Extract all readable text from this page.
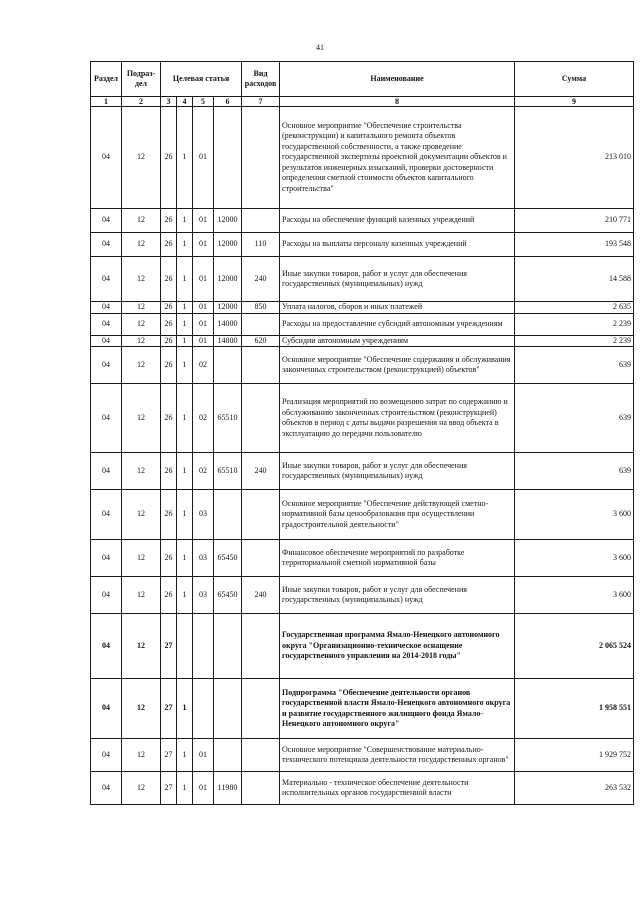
41
Раздел	Подраз-дел	Целевая статья				Вид расходов	Наименование	Сумма
1	2	3	4	5	6	7	8	9
04	12	26	1	01			Основное мероприятие "Обеспечение строительства (реконструкции) и капитального ремонта объектов государственной собственности, а также проведение государственной экспертизы проектной документации объектов и результатов инженерных изысканий, проверки достоверности определения сметной стоимости объектов капитального строительства"	213 010
04	12	26	1	01	12000		Расходы на обеспечение функций казенных учреждений	210 771
04	12	26	1	01	12000	110	Расходы на выплаты персоналу казенных учреждений	193 548
04	12	26	1	01	12000	240	Иные закупки товаров, работ и услуг для обеспечения государственных (муниципальных) нужд	14 588
04	12	26	1	01	12000	850	Уплата налогов, сборов и иных платежей	2 635
04	12	26	1	01	14000		Расходы на предоставление субсидий автономным учреждениям	2 239
04	12	26	1	01	14000	620	Субсидии автономным учреждениям	2 239
04	12	26	1	02			Основное мероприятие "Обеспечение содержания и обслуживания законченных строительством (реконструкцией) объектов"	639
04	12	26	1	02	65510		Реализация мероприятий по возмещению затрат по содержанию и обслуживанию законченных строительством (реконструкцией) объектов в период с даты выдачи разрешения на ввод объекта в эксплуатацию до передачи пользователю	639
04	12	26	1	02	65510	240	Иные закупки товаров, работ и услуг для обеспечения государственных (муниципальных) нужд	639
04	12	26	1	03			Основное мероприятие "Обеспечение действующей сметно-нормативной базы ценообразования при осуществлении градостроительной деятельности"	3 600
04	12	26	1	03	65450		Финансовое обеспечение мероприятий по разработке территориальной сметной нормативной базы	3 600
04	12	26	1	03	65450	240	Иные закупки товаров, работ и услуг для обеспечения государственных (муниципальных) нужд	3 600
04	12	27					Государственная программа Ямало-Ненецкого автономного округа "Организационно-техническое оснащение государственного управления на 2014-2018 годы"	2 065 524
04	12	27	1				Подпрограмма "Обеспечение деятельности органов государственной власти Ямало-Ненецкого автономного округа и развитие государственного жилищного фонда Ямало-Ненецкого автономного округа"	1 958 551
04	12	27	1	01			Основное мероприятие "Совершенствование материально-технического потенциала деятельности государственных органов"	1 929 752
04	12	27	1	01	11980		Материально - техническое обеспечение деятельности исполнительных органов государственной власти	263 532
